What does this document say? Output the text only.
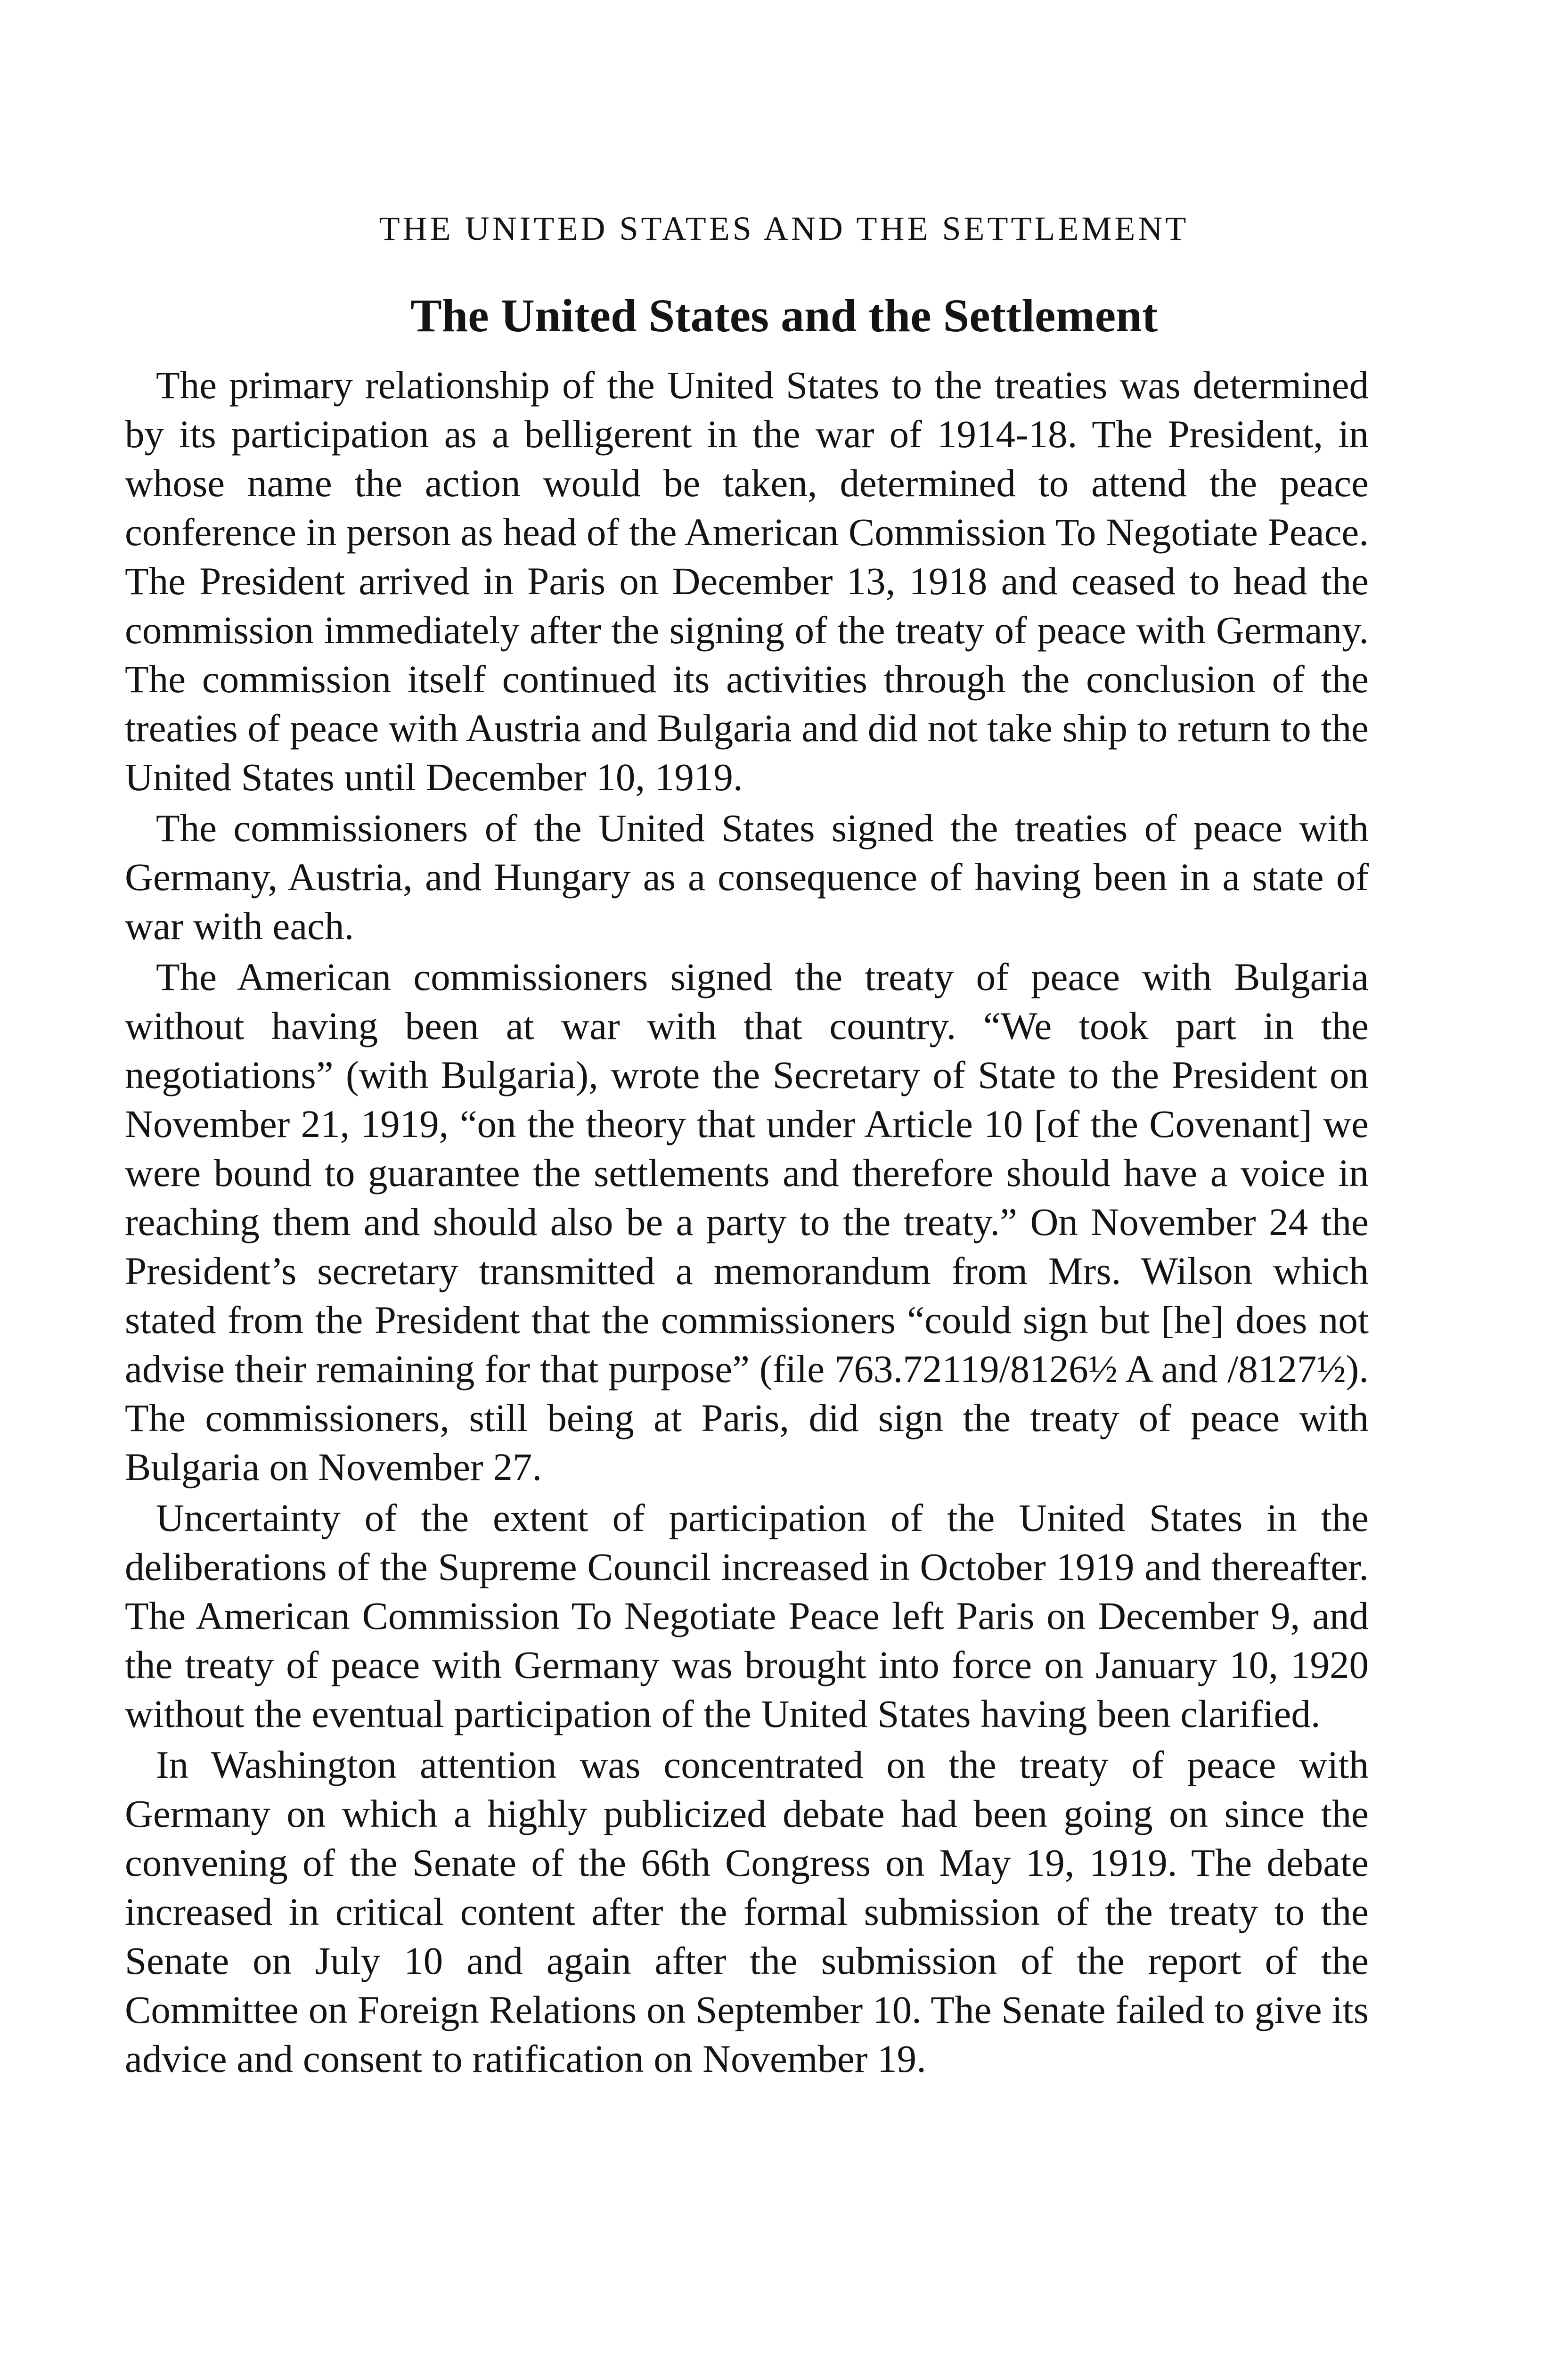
THE UNITED STATES AND THE SETTLEMENT
The United States and the Settlement

The primary relationship of the United States to the treaties was determined by its participation as a belligerent in the war of 1914-18. The President, in whose name the action would be taken, determined to attend the peace conference in person as head of the American Commission To Negotiate Peace. The President arrived in Paris on December 13, 1918 and ceased to head the commission immediately after the signing of the treaty of peace with Germany. The commission itself continued its activities through the conclusion of the treaties of peace with Austria and Bulgaria and did not take ship to return to the United States until December 10, 1919.

The commissioners of the United States signed the treaties of peace with Germany, Austria, and Hungary as a consequence of having been in a state of war with each.

The American commissioners signed the treaty of peace with Bulgaria without having been at war with that country. “We took part in the negotiations” (with Bulgaria), wrote the Secretary of State to the President on November 21, 1919, “on the theory that under Article 10 [of the Covenant] we were bound to guarantee the settlements and therefore should have a voice in reaching them and should also be a party to the treaty.” On November 24 the President’s secretary transmitted a memorandum from Mrs. Wilson which stated from the President that the commissioners “could sign but [he] does not advise their remaining for that purpose” (file 763.72119/8126½ A and /8127½). The commissioners, still being at Paris, did sign the treaty of peace with Bulgaria on November 27.

Uncertainty of the extent of participation of the United States in the deliberations of the Supreme Council increased in October 1919 and thereafter. The American Commission To Negotiate Peace left Paris on December 9, and the treaty of peace with Germany was brought into force on January 10, 1920 without the eventual participation of the United States having been clarified.

In Washington attention was concentrated on the treaty of peace with Germany on which a highly publicized debate had been going on since the convening of the Senate of the 66th Congress on May 19, 1919. The debate increased in critical content after the formal submission of the treaty to the Senate on July 10 and again after the submission of the report of the Committee on Foreign Relations on September 10. The Senate failed to give its advice and consent to ratification on November 19.
